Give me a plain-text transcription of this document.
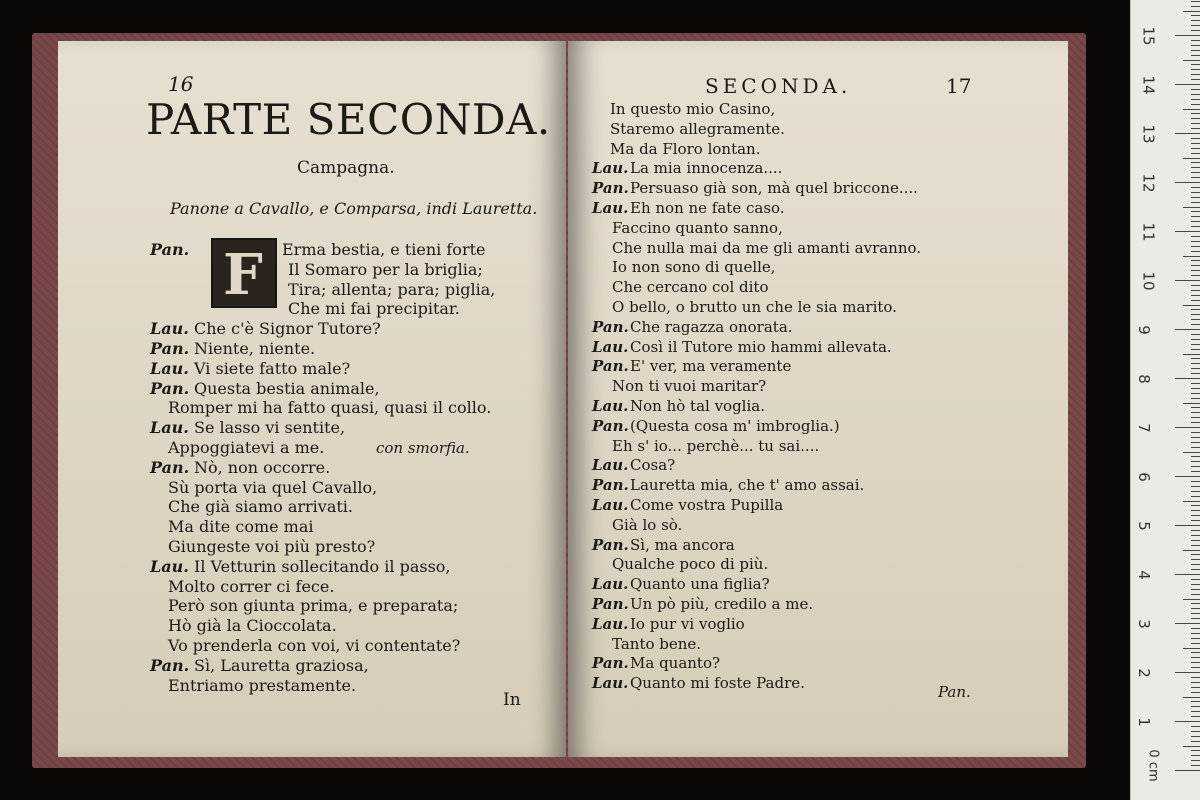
16
PARTE SECONDA.
Campagna.
Panone a Cavallo, e Comparsa, indi Lauretta.
F
Pan.	Erma bestia, e tieni forte
Il Somaro per la briglia;
Tira; allenta; para; piglia,
Che mi fai precipitar.
Lau. Che c'è Signor Tutore?
Pan. Niente, niente.
Lau. Vi siete fatto male?
Pan. Questa bestia animale,
Romper mi ha fatto quasi, quasi il collo.
Lau. Se lasso vi sentite,
Appoggiatevi a me.
Pan. Nò, non occorre.
Sù porta via quel Cavallo,
Che già siamo arrivati.
Ma dite come mai
Giungeste voi più presto?
Lau. Il Vetturin sollecitando il passo,
Molto correr ci fece.
Però son giunta prima, e preparata;
Hò già la Cioccolata.
Vo prenderla con voi, vi contentate?
Pan. Sì, Lauretta graziosa,
Entriamo prestamente.
con smorfia.
In
SECONDA.	17
In questo mio Casino,
Staremo allegramente.
Ma da Floro lontan.
Lau. La mia innocenza....
Pan. Persuaso già son, mà quel briccone....
Lau. Eh non ne fate caso.
Faccino quanto sanno,
Che nulla mai da me gli amanti avranno.
Io non sono di quelle,
Che cercano col dito
O bello, o brutto un che le sia marito.
Pan. Che ragazza onorata.
Lau. Così il Tutore mio hammi allevata.
Pan. E' ver, ma veramente
Non ti vuoi maritar?
Lau. Non hò tal voglia.
Pan. (Questa cosa m' imbroglia.)
Eh s' io... perchè... tu sai....
Lau. Cosa?
Pan. Lauretta mia, che t' amo assai.
Lau. Come vostra Pupilla
Già lo sò.
Pan. Sì, ma ancora
Qualche poco di più.
Lau. Quanto una figlia?
Pan. Un pò più, credilo a me.
Lau. Io pur vi voglio
Tanto bene.
Pan. Ma quanto?
Lau. Quanto mi foste Padre.	Pan.
15
14
13
12
11
10
9
8
7
6
5
4
3
2
1
0 cm
